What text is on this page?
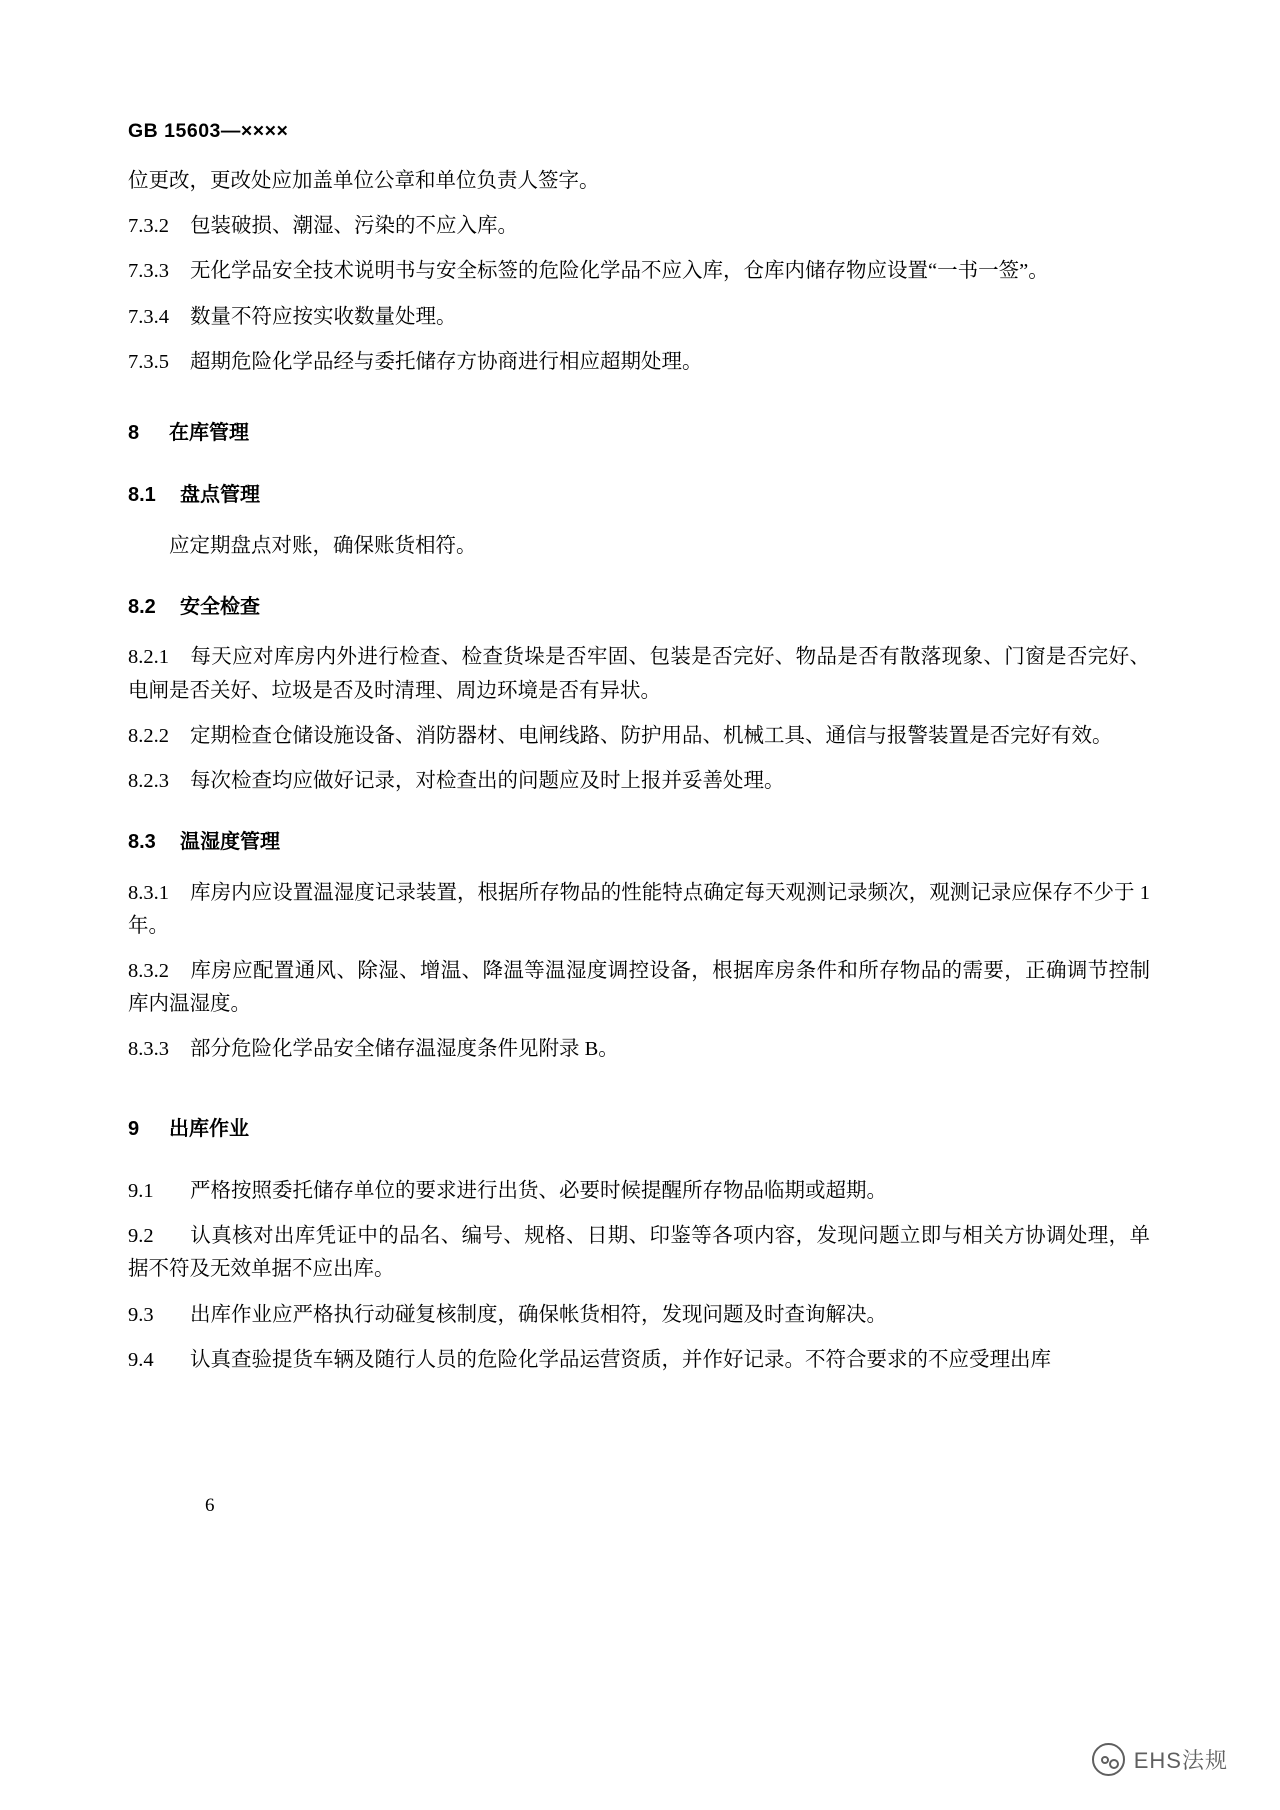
GB 15603—××××

位更改，更改处应加盖单位公章和单位负责人签字。

7.3.2 包装破损、潮湿、污染的不应入库。

7.3.3 无化学品安全技术说明书与安全标签的危险化学品不应入库，仓库内储存物应设置“一书一签”。

7.3.4 数量不符应按实收数量处理。

7.3.5 超期危险化学品经与委托储存方协商进行相应超期处理。

8 在库管理

8.1 盘点管理

应定期盘点对账，确保账货相符。

8.2 安全检查

8.2.1 每天应对库房内外进行检查、检查货垛是否牢固、包装是否完好、物品是否有散落现象、门窗是否完好、电闸是否关好、垃圾是否及时清理、周边环境是否有异状。

8.2.2 定期检查仓储设施设备、消防器材、电闸线路、防护用品、机械工具、通信与报警装置是否完好有效。

8.2.3 每次检查均应做好记录，对检查出的问题应及时上报并妥善处理。

8.3 温湿度管理

8.3.1 库房内应设置温湿度记录装置，根据所存物品的性能特点确定每天观测记录频次，观测记录应保存不少于 1 年。

8.3.2 库房应配置通风、除湿、增温、降温等温湿度调控设备，根据库房条件和所存物品的需要，正确调节控制库内温湿度。

8.3.3 部分危险化学品安全储存温湿度条件见附录 B。

9 出库作业

9.1 严格按照委托储存单位的要求进行出货、必要时候提醒所存物品临期或超期。

9.2 认真核对出库凭证中的品名、编号、规格、日期、印鉴等各项内容，发现问题立即与相关方协调处理，单据不符及无效单据不应出库。

9.3 出库作业应严格执行动碰复核制度，确保帐货相符，发现问题及时查询解决。

9.4 认真查验提货车辆及随行人员的危险化学品运营资质，并作好记录。不符合要求的不应受理出库

6
EHS法规
